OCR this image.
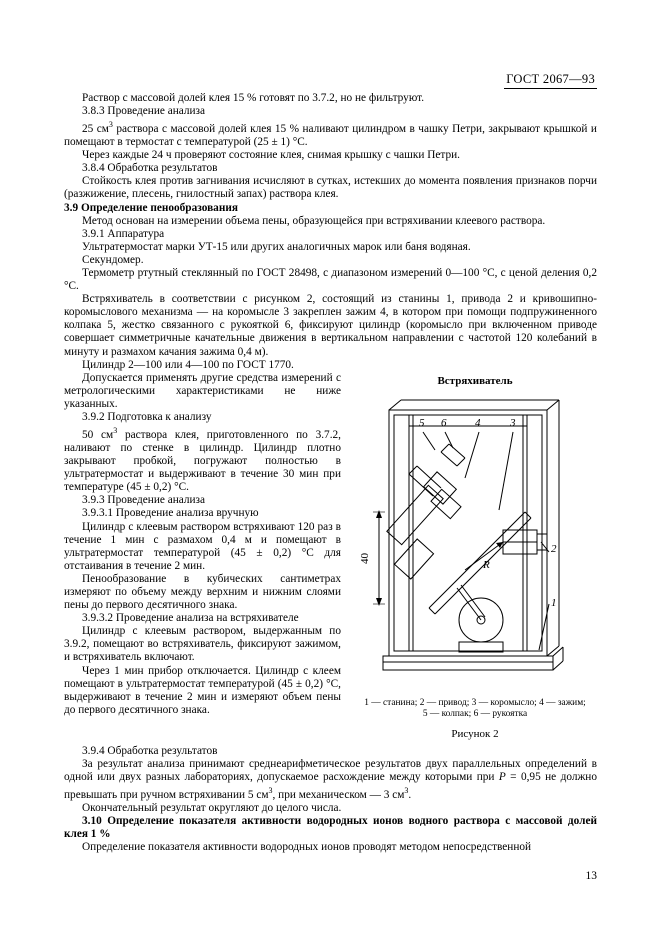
ГОСТ 2067—93

Раствор с массовой долей клея 15 % готовят по 3.7.2, но не фильтруют.

3.8.3 Проведение анализа

25 $см^3$ раствора с массовой долей клея 15 % наливают цилиндром в чашку Петри, закрывают крышкой и помещают в термостат с температурой (25 ± 1) °С.

Через каждые 24 ч проверяют состояние клея, снимая крышку с чашки Петри.

3.8.4 Обработка результатов

Стойкость клея против загнивания исчисляют в сутках, истекших до момента появления признаков порчи (разжижение, плесень, гнилостный запах) раствора клея.

3.9 Определение пенообразования

Метод основан на измерении объема пены, образующейся при встряхивании клеевого раствора.

3.9.1 Аппаратура

Ультратермостат марки УТ-15 или других аналогичных марок или баня водяная.

Секундомер.

Термометр ртутный стеклянный по ГОСТ 28498, с диапазоном измерений 0—100 °С, с ценой деления 0,2 °С.

Встряхиватель в соответствии с рисунком 2, состоящий из станины 1, привода 2 и кривошипно-коромыслового механизма — на коромысле 3 закреплен зажим 4, в котором при помощи подпружиненного колпака 5, жестко связанного с рукояткой 6, фиксируют цилиндр (коромысло при включенном приводе совершает симметричные качательные движения в вертикальном направлении с частотой 120 колебаний в минуту и размахом качания зажима 0,4 м).

Цилиндр 2—100 или 4—100 по ГОСТ 1770.

Встряхиватель
5 6	4	3
2
1
R
40
1 — станина; 2 — привод; 3 — коромысло; 4 — зажим;
5 — колпак; 6 — рукоятка
Рисунок 2

Допускается применять другие средства измерений с метрологическими характеристиками не ниже указанных.

3.9.2 Подготовка к анализу

50 $см^3$ раствора клея, приготовленного по 3.7.2, наливают по стенке в цилиндр. Цилиндр плотно закрывают пробкой, погружают полностью в ультратермостат и выдерживают в течение 30 мин при температуре (45 ± 0,2) °С.

3.9.3 Проведение анализа

3.9.3.1 Проведение анализа вручную

Цилиндр с клеевым раствором встряхивают 120 раз в течение 1 мин с размахом 0,4 м и помещают в ультратермостат температурой (45 ± 0,2) °С для отстаивания в течение 2 мин.

Пенообразование в кубических сантиметрах измеряют по объему между верхним и нижним слоями пены до первого десятичного знака.

3.9.3.2 Проведение анализа на встряхивателе

Цилиндр с клеевым раствором, выдержанным по 3.9.2, помещают во встряхиватель, фиксируют зажимом, и встряхиватель включают.

Через 1 мин прибор отключается. Цилиндр с клеем помещают в ультратермостат температурой (45 ± 0,2) °С, выдерживают в течение 2 мин и измеряют объем пены до первого десятичного знака.

3.9.4 Обработка результатов

За результат анализа принимают среднеарифметическое результатов двух параллельных определений в одной или двух разных лабораториях, допускаемое расхождение между которыми при Р = 0,95 не должно превышать при ручном встряхивании 5 $см^3$, при механическом — 3 $см^3$.

Окончательный результат округляют до целого числа.

3.10 Определение показателя активности водородных ионов водного раствора с массовой долей клея 1 %

Определение показателя активности водородных ионов проводят методом непосредственной

13
